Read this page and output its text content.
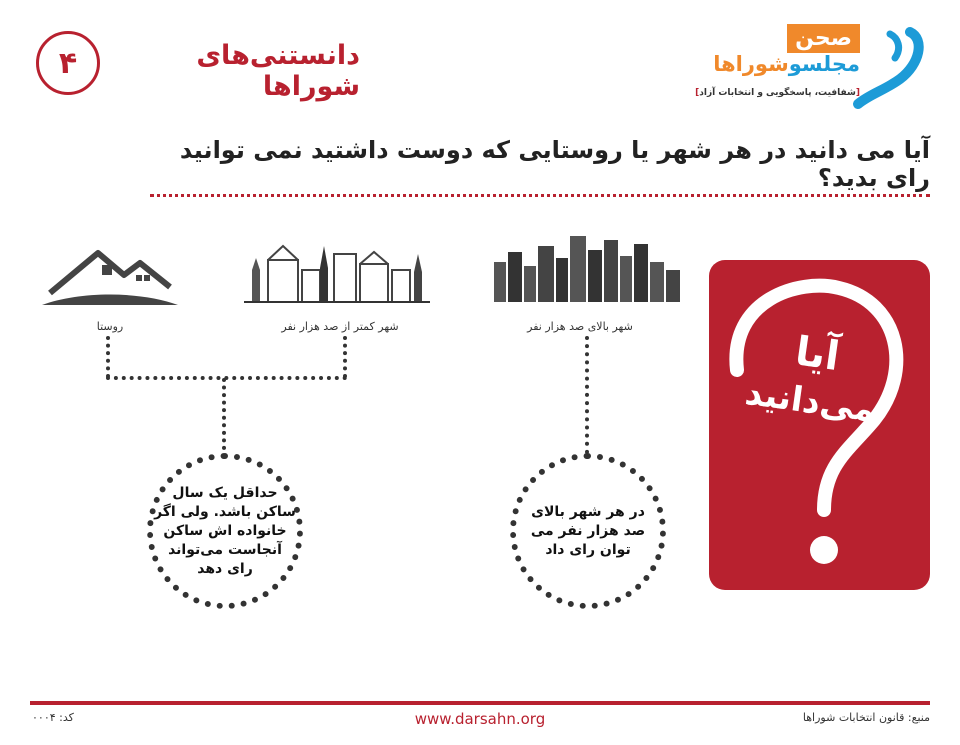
۴	دانستنی‌های شوراها
صحن
مجلسوشوراها
[شفافیت، پاسخگویی و انتخابات آزاد]
آیا می‌ دانید در هر شهر یا روستایی که دوست داشتید نمی‌ توانید رای بدید؟
روستا	شهر کمتر از صد هزار نفر	شهر بالای صد هزار نفر
حداقل یک سال
ساکن باشد. ولی اگر
خانواده اش ساکن
آنجاست می‌تواند
رای دهد
در هر شهر بالای
صد هزار نفر می
توان رای داد
آیا
می‌دانید
منبع: قانون انتخابات شوراها
www.darsahn.org
کد: ۰۰۰۴
